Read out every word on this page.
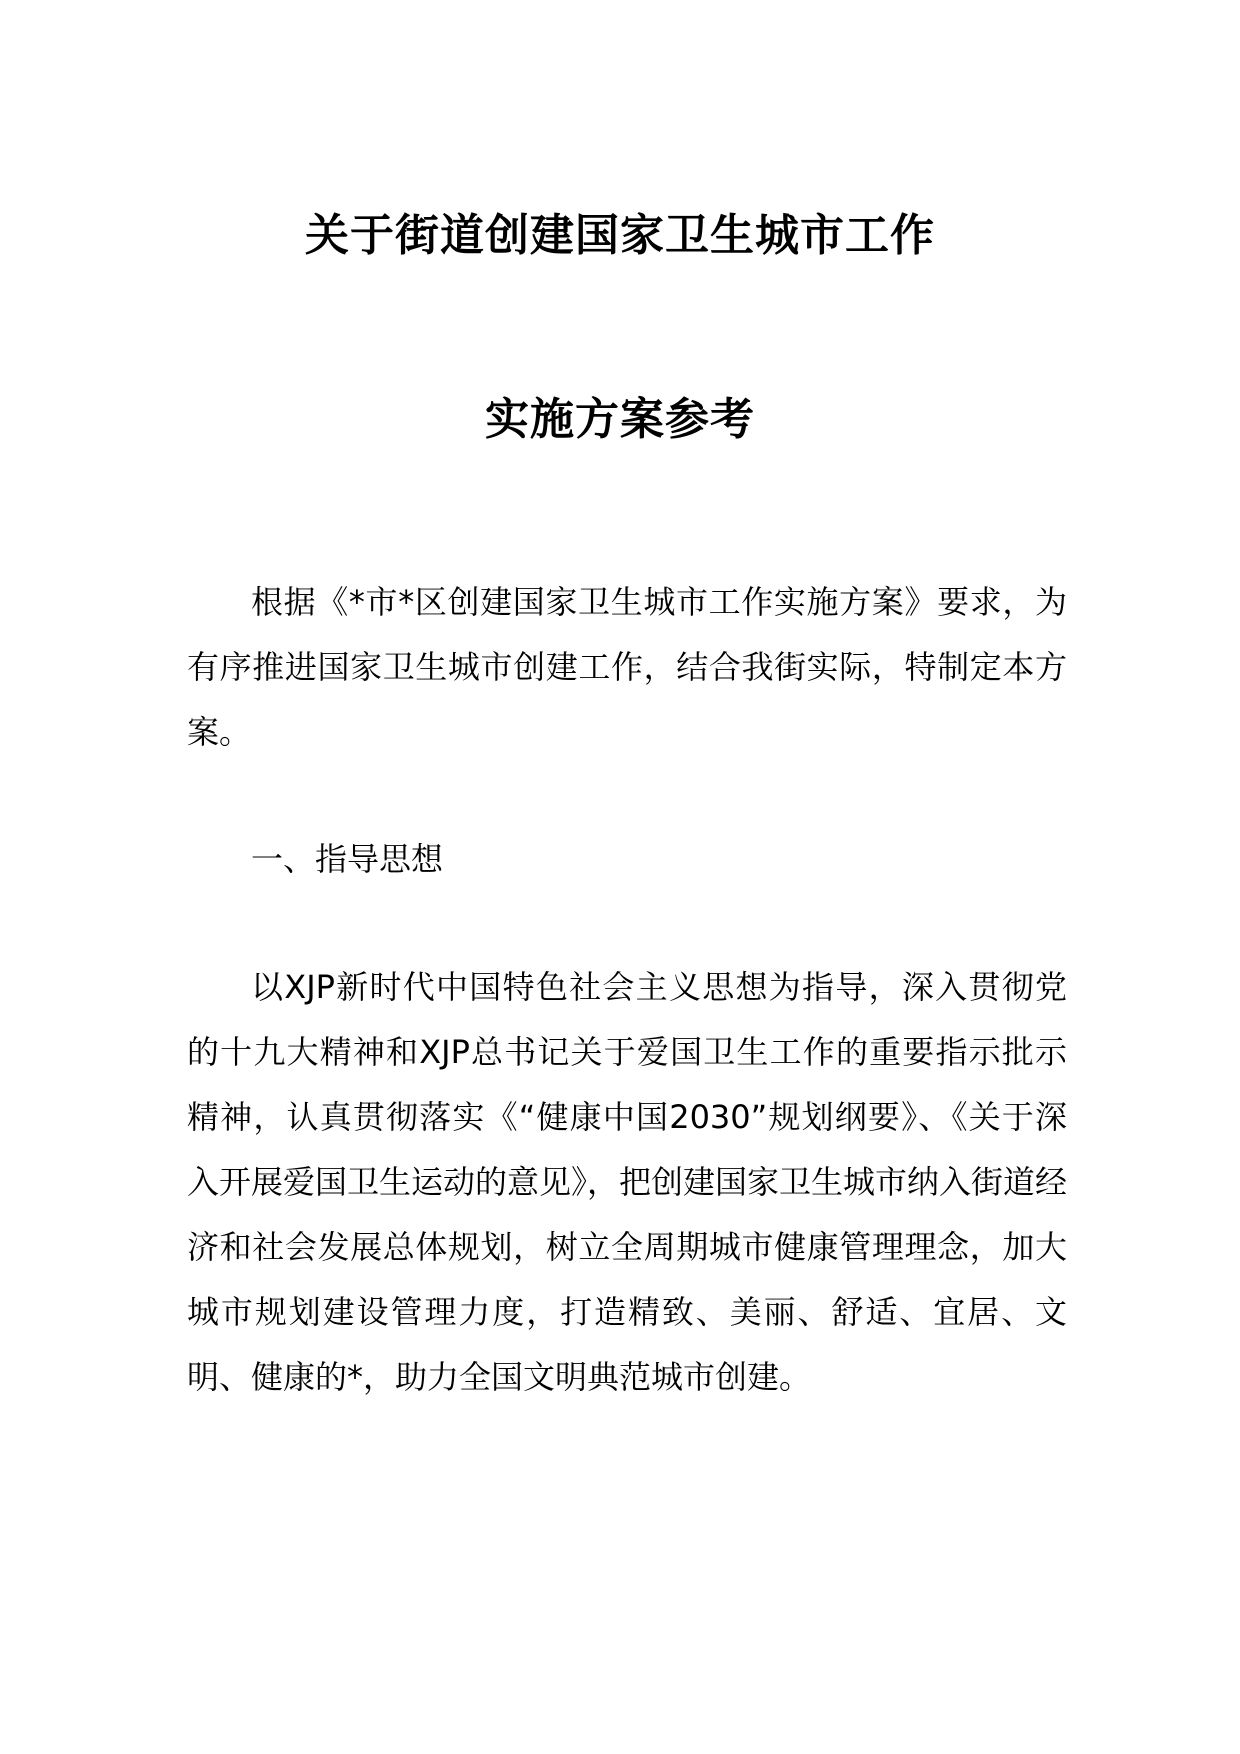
关于街道创建国家卫生城市工作
实施方案参考

根据《*市*区创建国家卫生城市工作实施方案》要求，为有序推进国家卫生城市创建工作，结合我街实际，特制定本方案。

一、指导思想

以XJP新时代中国特色社会主义思想为指导，深入贯彻党的十九大精神和XJP总书记关于爱国卫生工作的重要指示批示精神，认真贯彻落实《“健康中国2030”规划纲要》、《关于深入开展爱国卫生运动的意见》，把创建国家卫生城市纳入街道经济和社会发展总体规划，树立全周期城市健康管理理念，加大城市规划建设管理力度，打造精致、美丽、舒适、宜居、文明、健康的*，助力全国文明典范城市创建。
